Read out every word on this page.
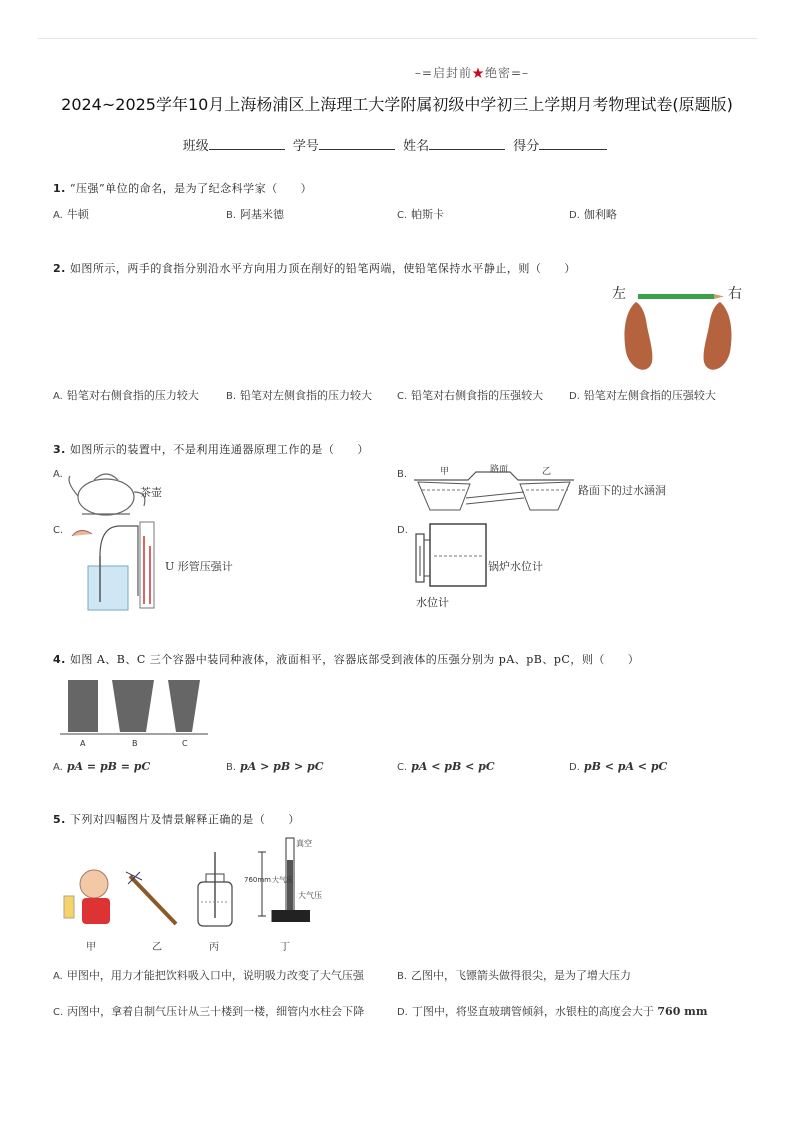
–=启封前★绝密=–
2024~2025学年10月上海杨浦区上海理工大学附属初级中学初三上学期月考物理试卷(原题版)
班级	学号	姓名	得分
1. “压强”单位的命名，是为了纪念科学家（　　）
A. 牛顿	B. 阿基米德	C. 帕斯卡	D. 伽利略
2. 如图所示，两手的食指分别沿水平方向用力顶在削好的铅笔两端，使铅笔保持水平静止，则（　　）
左	右
A. 铅笔对右侧食指的压力较大	B. 铅笔对左侧食指的压力较大 C. 铅笔对右侧食指的压强较大	D. 铅笔对左侧食指的压强较大
3. 如图所示的装置中，不是利用连通器原理工作的是（　　）
A.
茶壶
B.	甲	路面	乙
路面下的过水涵洞
C.
U 形管压强计
D.
水位计
锅炉水位计
4. 如图 A、B、C 三个容器中装同种液体，液面相平，容器底部受到液体的压强分别为 pA、pB、pC，则（　　）
A	B	C
A. pA = pB = pC	B. pA > pB > pC	C. pA < pB < pC	D. pB < pA < pC
5. 下列对四幅图片及情景解释正确的是（　　）
760mm
真空
大气压
大气压
甲	乙	丙	丁
A. 甲图中，用力才能把饮料吸入口中，说明吸力改变了大气压强	B. 乙图中，飞镖箭头做得很尖，是为了增大压力
C. 丙图中，拿着自制气压计从三十楼到一楼，细管内水柱会下降	D. 丁图中，将竖直玻璃管倾斜，水银柱的高度会大于 760 mm
